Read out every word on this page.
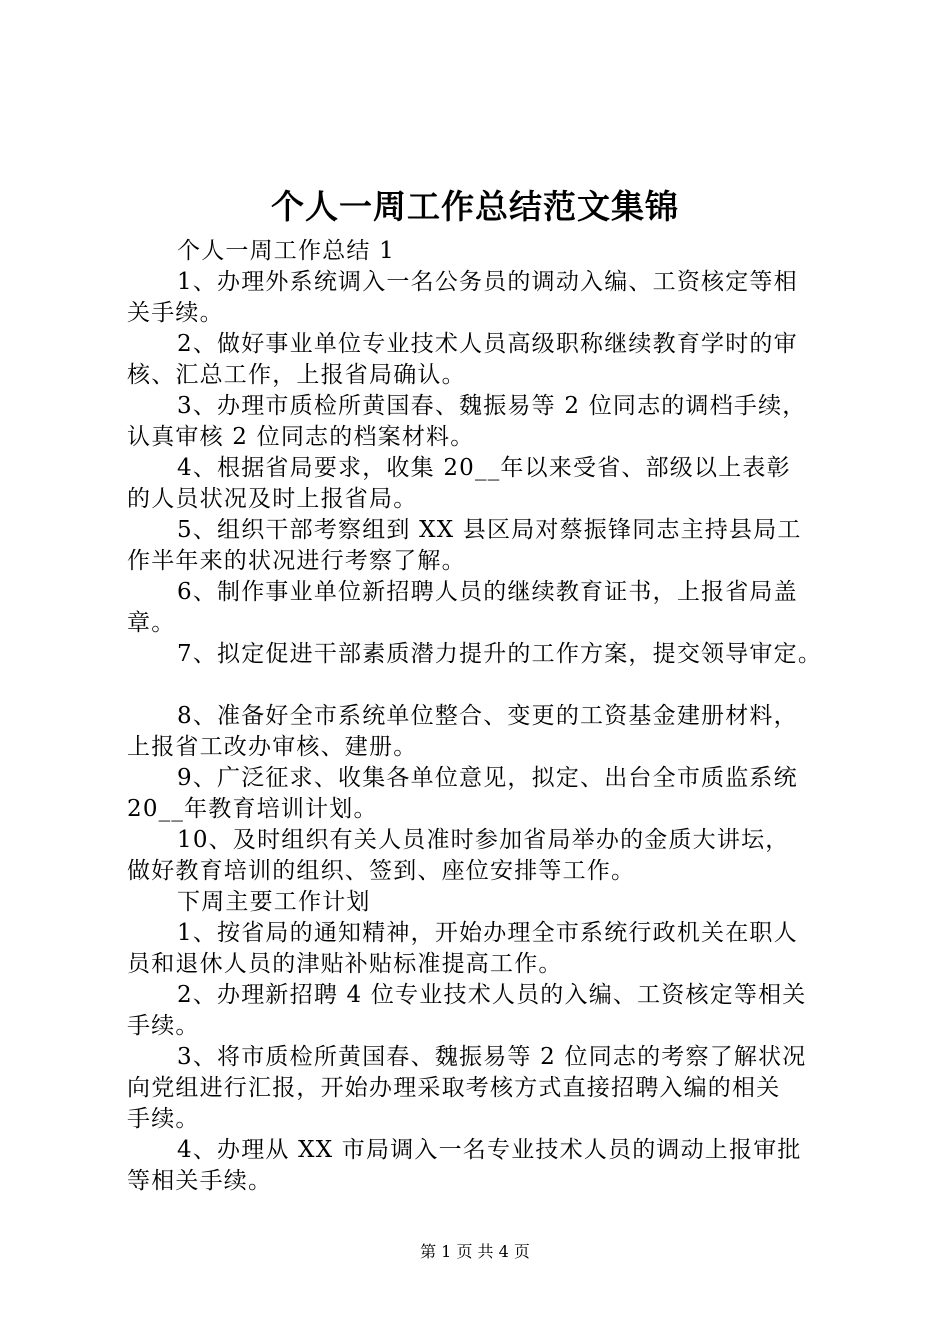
个人一周工作总结范文集锦
个人一周工作总结 1
1、办理外系统调入一名公务员的调动入编、工资核定等相
关手续。
2、做好事业单位专业技术人员高级职称继续教育学时的审
核、汇总工作，上报省局确认。
3、办理市质检所黄国春、魏振易等 2 位同志的调档手续，
认真审核 2 位同志的档案材料。
4、根据省局要求，收集 20__年以来受省、部级以上表彰
的人员状况及时上报省局。
5、组织干部考察组到 XX 县区局对蔡振锋同志主持县局工
作半年来的状况进行考察了解。
6、制作事业单位新招聘人员的继续教育证书，上报省局盖
章。
7、拟定促进干部素质潜力提升的工作方案，提交领导审定。
8、准备好全市系统单位整合、变更的工资基金建册材料，
上报省工改办审核、建册。
9、广泛征求、收集各单位意见，拟定、出台全市质监系统
20__年教育培训计划。
10、及时组织有关人员准时参加省局举办的金质大讲坛，
做好教育培训的组织、签到、座位安排等工作。
下周主要工作计划
1、按省局的通知精神，开始办理全市系统行政机关在职人
员和退休人员的津贴补贴标准提高工作。
2、办理新招聘 4 位专业技术人员的入编、工资核定等相关
手续。
3、将市质检所黄国春、魏振易等 2 位同志的考察了解状况
向党组进行汇报，开始办理采取考核方式直接招聘入编的相关
手续。
4、办理从 XX 市局调入一名专业技术人员的调动上报审批
等相关手续。
第 1 页 共 4 页
